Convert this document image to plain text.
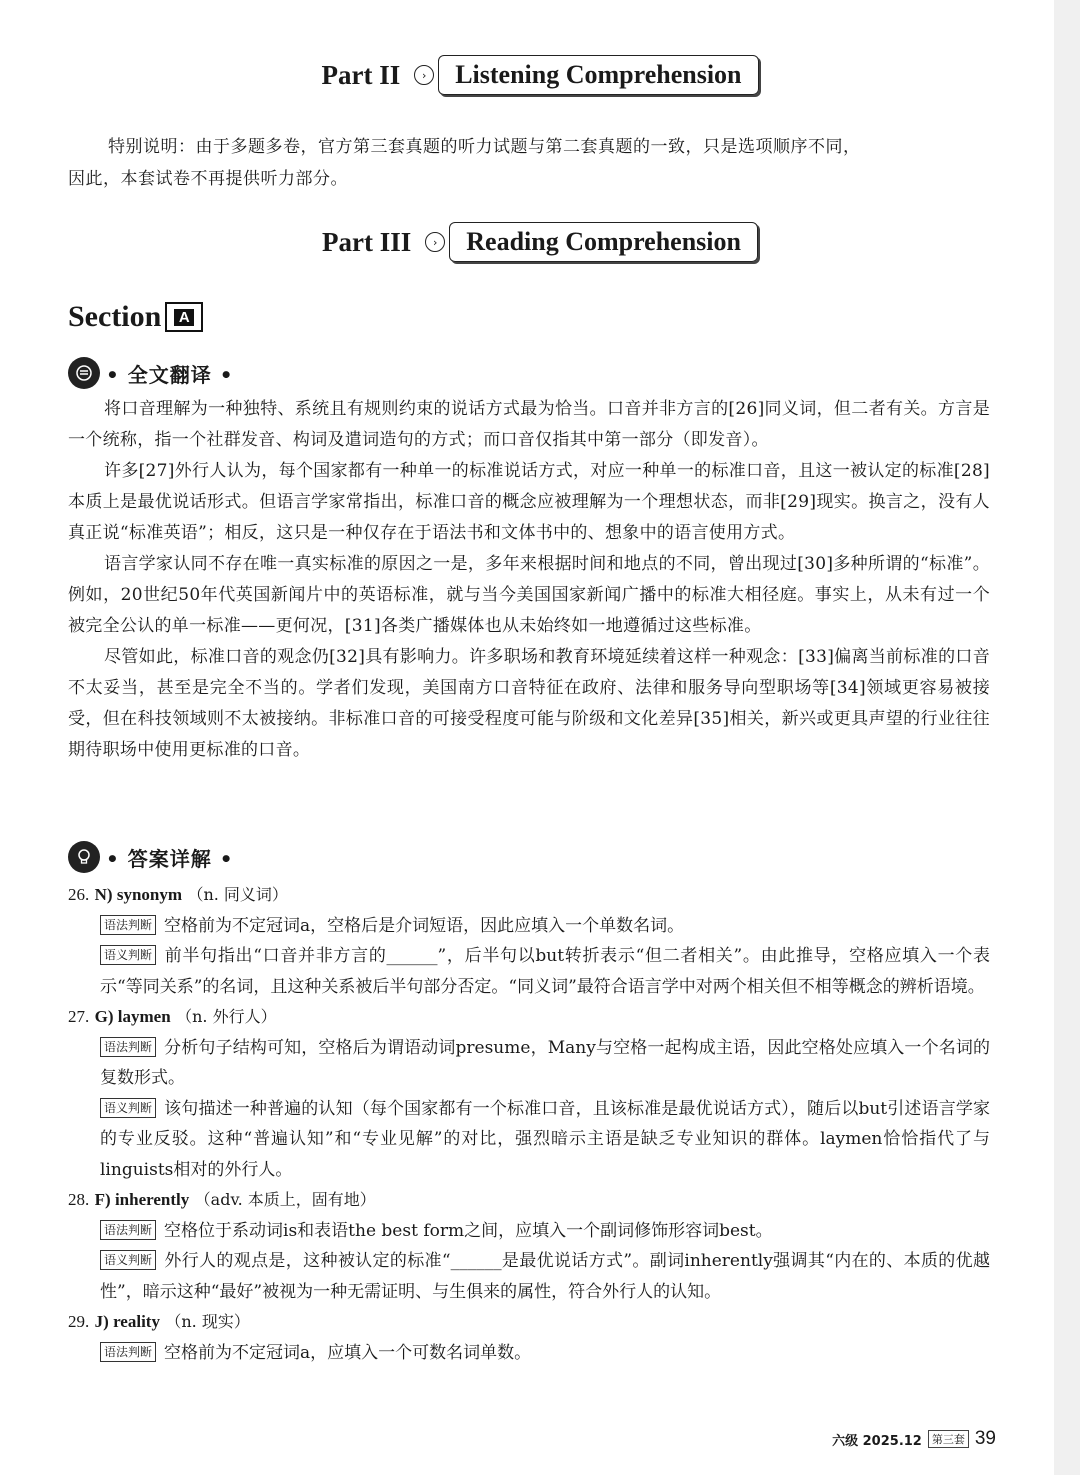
Part II	›	Listening Comprehension

特别说明：由于多题多卷，官方第三套真题的听力试题与第二套真题的一致，只是选项顺序不同，

因此，本套试卷不再提供听力部分。
Part III	›	Reading Comprehension
Section	A
• 全文翻译 •

将口音理解为一种独特、系统且有规则约束的说话方式最为恰当。口音并非方言的[26]同义词，但二者有关。方言是一个统称，指一个社群发音、构词及遣词造句的方式；而口音仅指其中第一部分（即发音）。

许多[27]外行人认为，每个国家都有一种单一的标准说话方式，对应一种单一的标准口音，且这一被认定的标准[28]本质上是最优说话形式。但语言学家常指出，标准口音的概念应被理解为一个理想状态，而非[29]现实。换言之，没有人真正说“标准英语”；相反，这只是一种仅存在于语法书和文体书中的、想象中的语言使用方式。

语言学家认同不存在唯一真实标准的原因之一是，多年来根据时间和地点的不同，曾出现过[30]多种所谓的“标准”。例如，20世纪50年代英国新闻片中的英语标准，就与当今美国国家新闻广播中的标准大相径庭。事实上，从未有过一个被完全公认的单一标准——更何况，[31]各类广播媒体也从未始终如一地遵循过这些标准。

尽管如此，标准口音的观念仍[32]具有影响力。许多职场和教育环境延续着这样一种观念：[33]偏离当前标准的口音不太妥当，甚至是完全不当的。学者们发现，美国南方口音特征在政府、法律和服务导向型职场等[34]领域更容易被接受，但在科技领域则不太被接纳。非标准口音的可接受程度可能与阶级和文化差异[35]相关，新兴或更具声望的行业往往期待职场中使用更标准的口音。

• 答案详解 •
26. N) synonym （n. 同义词）
语法判断 空格前为不定冠词a，空格后是介词短语，因此应填入一个单数名词。
语义判断 前半句指出“口音并非方言的______”，后半句以but转折表示“但二者相关”。由此推导，空格应填入一个表示“等同关系”的名词，且这种关系被后半句部分否定。“同义词”最符合语言学中对两个相关但不相等概念的辨析语境。
27. G) laymen （n. 外行人）
语法判断 分析句子结构可知，空格后为谓语动词presume，Many与空格一起构成主语，因此空格处应填入一个名词的复数形式。
语义判断 该句描述一种普遍的认知（每个国家都有一个标准口音，且该标准是最优说话方式），随后以but引述语言学家的专业反驳。这种“普遍认知”和“专业见解”的对比，强烈暗示主语是缺乏专业知识的群体。laymen恰恰指代了与linguists相对的外行人。
28. F) inherently （adv. 本质上，固有地）
语法判断 空格位于系动词is和表语the best form之间，应填入一个副词修饰形容词best。
语义判断 外行人的观点是，这种被认定的标准“______是最优说话方式”。副词inherently强调其“内在的、本质的优越性”，暗示这种“最好”被视为一种无需证明、与生俱来的属性，符合外行人的认知。
29. J) reality （n. 现实）
语法判断 空格前为不定冠词a，应填入一个可数名词单数。
六级 2025.12 第三套 39
